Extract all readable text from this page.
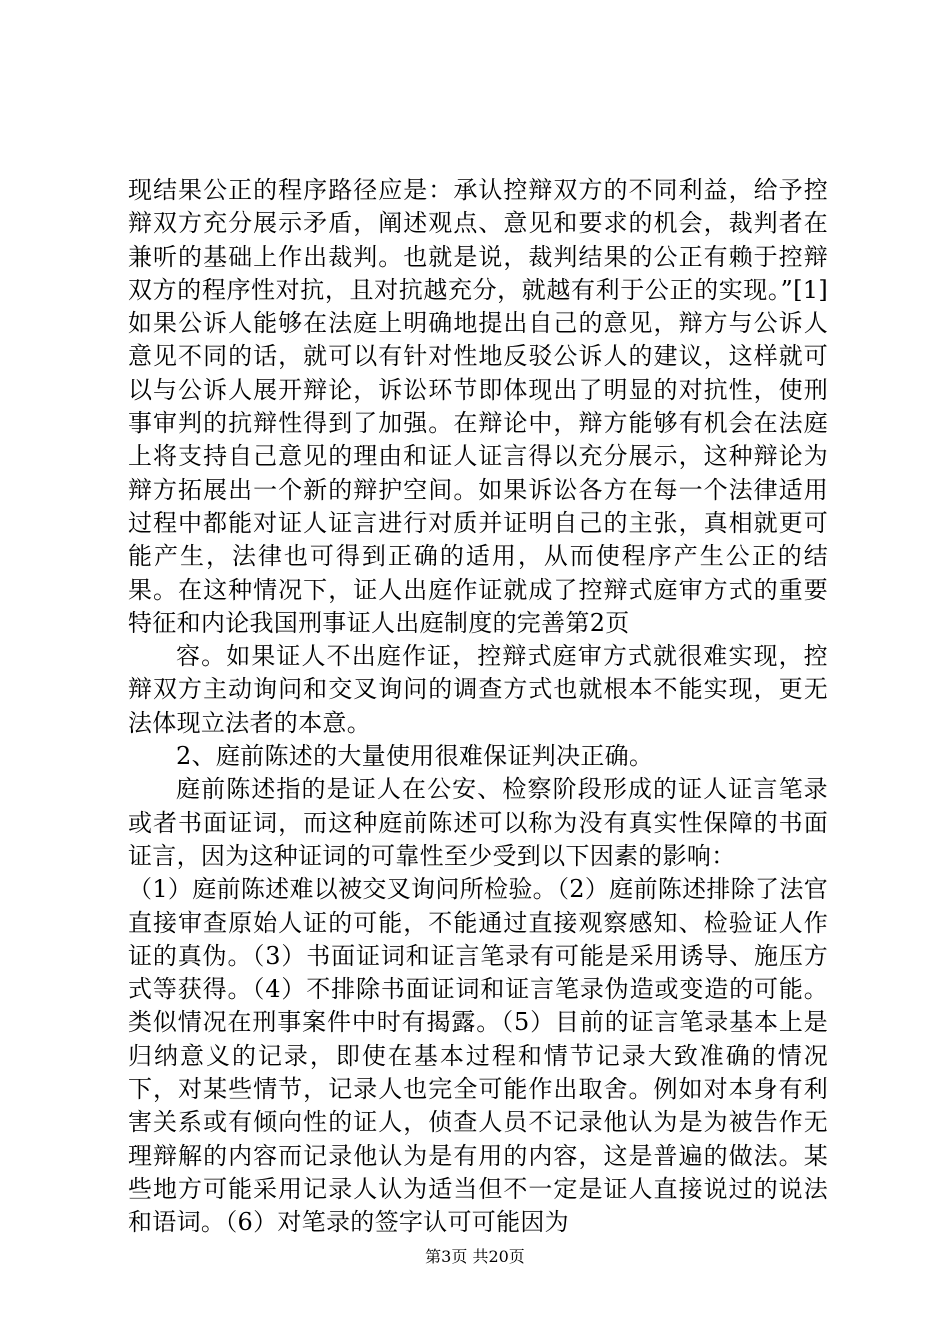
现结果公正的程序路径应是：承认控辩双方的不同利益，给予控辩双方充分展示矛盾，阐述观点、意见和要求的机会，裁判者在兼听的基础上作出裁判。也就是说，裁判结果的公正有赖于控辩双方的程序性对抗，且对抗越充分，就越有利于公正的实现。”[1]如果公诉人能够在法庭上明确地提出自己的意见，辩方与公诉人意见不同的话，就可以有针对性地反驳公诉人的建议，这样就可以与公诉人展开辩论，诉讼环节即体现出了明显的对抗性，使刑事审判的抗辩性得到了加强。在辩论中，辩方能够有机会在法庭上将支持自己意见的理由和证人证言得以充分展示，这种辩论为辩方拓展出一个新的辩护空间。如果诉讼各方在每一个法律适用过程中都能对证人证言进行对质并证明自己的主张，真相就更可能产生，法律也可得到正确的适用，从而使程序产生公正的结果。在这种情况下，证人出庭作证就成了控辩式庭审方式的重要特征和内论我国刑事证人出庭制度的完善第2页

容。如果证人不出庭作证，控辩式庭审方式就很难实现，控辩双方主动询问和交叉询问的调查方式也就根本不能实现，更无法体现立法者的本意。

2、庭前陈述的大量使用很难保证判决正确。

庭前陈述指的是证人在公安、检察阶段形成的证人证言笔录或者书面证词，而这种庭前陈述可以称为没有真实性保障的书面证言，因为这种证词的可靠性至少受到以下因素的影响：

（1）庭前陈述难以被交叉询问所检验。（2）庭前陈述排除了法官直接审查原始人证的可能，不能通过直接观察感知、检验证人作证的真伪。（3）书面证词和证言笔录有可能是采用诱导、施压方式等获得。（4）不排除书面证词和证言笔录伪造或变造的可能。类似情况在刑事案件中时有揭露。（5）目前的证言笔录基本上是归纳意义的记录，即使在基本过程和情节记录大致准确的情况下，对某些情节，记录人也完全可能作出取舍。例如对本身有利害关系或有倾向性的证人，侦查人员不记录他认为是为被告作无理辩解的内容而记录他认为是有用的内容，这是普遍的做法。某些地方可能采用记录人认为适当但不一定是证人直接说过的说法和语词。（6）对笔录的签字认可可能因为

第3页 共20页
